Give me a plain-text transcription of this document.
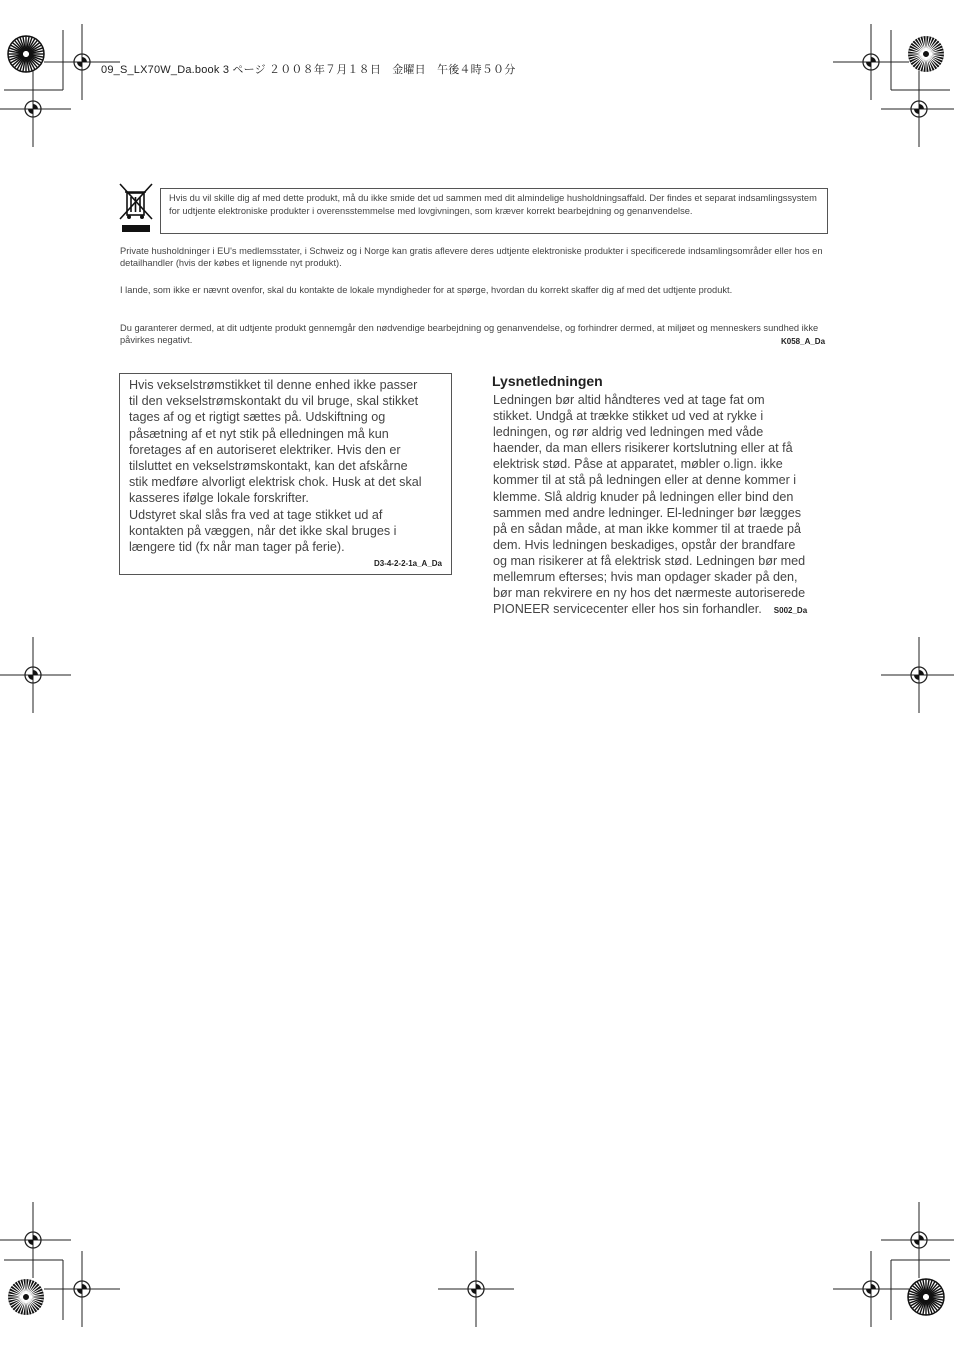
09_S_LX70W_Da.book 3 ページ ２００８年７月１８日　金曜日　午後４時５０分
Hvis du vil skille dig af med dette produkt, må du ikke smide det ud sammen med dit almindelige husholdningsaffald. Der findes et separat indsamlingssystem for udtjente elektroniske produkter i overensstemmelse med lovgivningen, som kræver korrekt bearbejdning og genanvendelse.
Private husholdninger i EU's medlemsstater, i Schweiz og i Norge kan gratis aflevere deres udtjente elektroniske produkter i specificerede indsamlingsområder eller hos en detailhandler (hvis der købes et lignende nyt produkt).
I lande, som ikke er nævnt ovenfor, skal du kontakte de lokale myndigheder for at spørge, hvordan du korrekt skaffer dig af med det udtjente produkt.
Du garanterer dermed, at dit udtjente produkt gennemgår den nødvendige bearbejdning og genanvendelse, og forhindrer dermed, at miljøet og menneskers sundhed ikke påvirkes negativt.	K058_A_Da
Hvis vekselstrømstikket til denne enhed ikke passer
til den vekselstrømskontakt du vil bruge, skal stikket
tages af og et rigtigt sættes på. Udskiftning og
påsætning af et nyt stik på elledningen må kun
foretages af en autoriseret elektriker. Hvis den er
tilsluttet en vekselstrømskontakt, kan det afskårne
stik medføre alvorligt elektrisk chok. Husk at det skal
kasseres ifølge lokale forskrifter.
Udstyret skal slås fra ved at tage stikket ud af
kontakten på væggen, når det ikke skal bruges i
længere tid (fx når man tager på ferie).
D3-4-2-2-1a_A_Da
Lysnetledningen
Ledningen bør altid håndteres ved at tage fat om
stikket. Undgå at trække stikket ud ved at rykke i
ledningen, og rør aldrig ved ledningen med våde
haender, da man ellers risikerer kortslutning eller at få
elektrisk stød. Påse at apparatet, møbler o.lign. ikke
kommer til at stå på ledningen eller at denne kommer i
klemme. Slå aldrig knuder på ledningen eller bind den
sammen med andre ledninger. El-ledninger bør lægges
på en sådan måde, at man ikke kommer til at traede på
dem. Hvis ledningen beskadiges, opstår der brandfare
og man risikerer at få elektrisk stød. Ledningen bør med
mellemrum efterses; hvis man opdager skader på den,
bør man rekvirere en ny hos det nærmeste autoriserede
PIONEER servicecenter eller hos sin forhandler. S002_Da
